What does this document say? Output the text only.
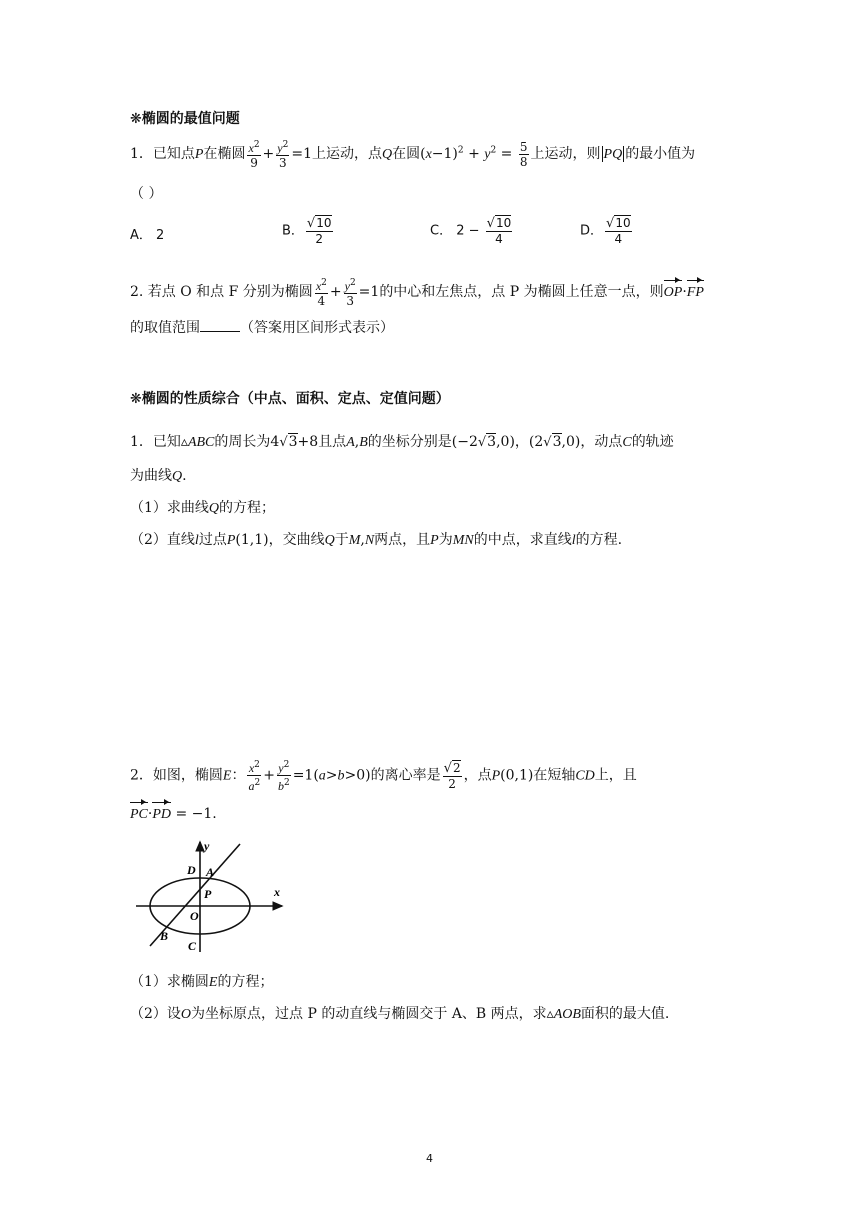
❋椭圆的最值问题
1．已知点P在椭圆 $\frac{x^2}{9} + \frac{y^2}{3} =1$上运动，点Q在圆$(x-1)^2 + y^2 = \frac{5}{8}$ 上运动，则 PQ 的最小值为
（ ）
A． 2	B． $\frac{√10}{2}$	C． $2 - \frac{√10}{4}$	D． $\frac{√10}{4}$
2. 若点 O 和点 F 分别为椭圆 $\frac{x^2}{4} + \frac{y^2}{3} =1$的中心和左焦点，点 P 为椭圆上任意一点，则OP·FP
的取值范围	（答案用区间形式表示）
❋椭圆的性质综合（中点、面积、定点、定值问题）
1．已知▵ABC的周长为4√3+8且点A,B的坐标分别是(−2√3,0)，(2√3,0)，动点C的轨迹
为曲线Q.
（1）求曲线Q的方程；
（2）直线l过点P(1,1)，交曲线Q于M,N两点，且P为MN的中点，求直线l的方程.
2．如图，椭圆E： $\frac{x^2}{a^2} + \frac{y^2}{b^2} =1(a>b>0)$的离心率是 $\frac{√2}{2}$ ，点P(0,1)在短轴CD上，且
PC·PD = −1.
y
x
D A
P
O
B
C
（1）求椭圆E的方程；
（2）设O为坐标原点，过点 P 的动直线与椭圆交于 A、B 两点，求▵AOB面积的最大值.
4
